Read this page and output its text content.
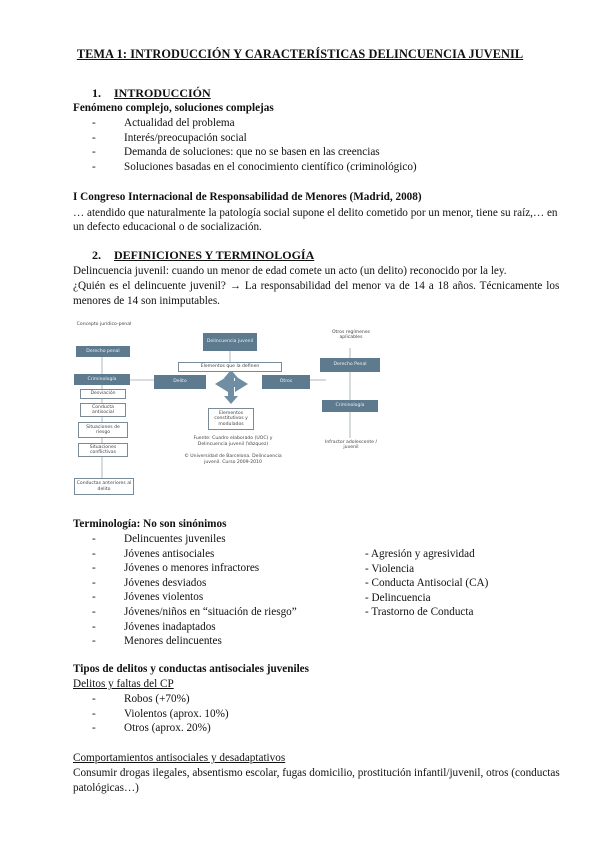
TEMA 1: INTRODUCCIÓN Y CARACTERÍSTICAS DELINCUENCIA JUVENIL
1. INTRODUCCIÓN
Fenómeno complejo, soluciones complejas
- Actualidad del problema
- Interés/preocupación social
- Demanda de soluciones: que no se basen en las creencias
- Soluciones basadas en el conocimiento científico (criminológico)
I Congreso Internacional de Responsabilidad de Menores (Madrid, 2008)
… atendido que naturalmente la patología social supone el delito cometido por un menor, tiene su raíz,… en
un defecto educacional o de socialización.
2. DEFINICIONES Y TERMINOLOGÍA
Delincuencia juvenil: cuando un menor de edad comete un acto (un delito) reconocido por la ley.
¿Quién es el delincuente juvenil? → La responsabilidad del menor va de 14 a 18 años. Técnicamente los
menores de 14 son inimputables.
Concepto jurídico-penal
Derecho penal
Criminología
Desviación
Conducta antisocial
Situaciones de riesgo
Situaciones conflictivas
Conductas anteriores al delito
Delincuencia juvenil
Elementos que la definen
Delito	Otros
Elementos constitutivos y modulados
Fuente: Cuadro elaborado (UOC) y
Delincuencia juvenil (Vázquez)
© Universidad de Barcelona. Delincuencia
juvenil. Curso 2009-2010
Otros regímenes aplicables
Derecho Penal
Criminología
Infractor adolescente / juvenil
Terminología: No son sinónimos
- Delincuentes juveniles
- Jóvenes antisociales
- Jóvenes o menores infractores
- Jóvenes desviados
- Jóvenes violentos
- Jóvenes/niños en “situación de riesgo”
- Jóvenes inadaptados
- Menores delincuentes
- Agresión y agresividad
- Violencia
- Conducta Antisocial (CA)
- Delincuencia
- Trastorno de Conducta
Tipos de delitos y conductas antisociales juveniles
Delitos y faltas del CP
- Robos (+70%)
- Violentos (aprox. 10%)
- Otros (aprox. 20%)
Comportamientos antisociales y desadaptativos
Consumir drogas ilegales, absentismo escolar, fugas domicilio, prostitución infantil/juvenil, otros (conductas
patológicas…)
